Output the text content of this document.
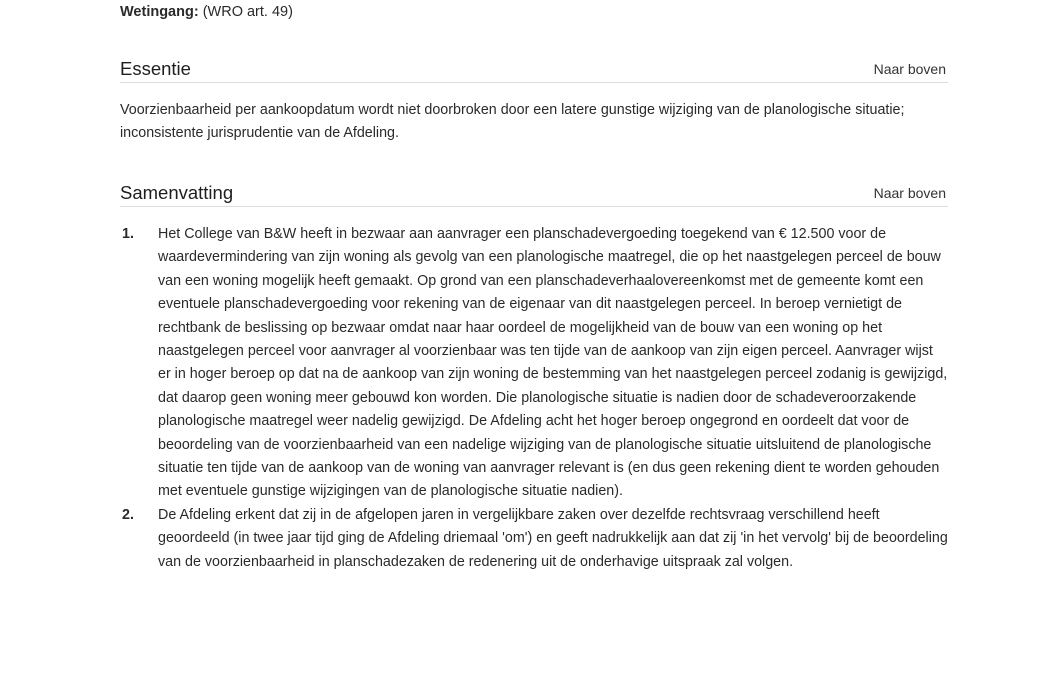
Wetingang: (WRO art. 49)
Essentie	Naar boven

Voorzienbaarheid per aankoopdatum wordt niet doorbroken door een latere gunstige wijziging van de planologische situatie; inconsistente jurisprudentie van de Afdeling.

Samenvatting	Naar boven
1. Het College van B&W heeft in bezwaar aan aanvrager een planschadevergoeding toegekend van € 12.500 voor de waardevermindering van zijn woning als gevolg van een planologische maatregel, die op het naastgelegen perceel de bouw van een woning mogelijk heeft gemaakt. Op grond van een planschadeverhaalovereenkomst met de gemeente komt een eventuele planschadevergoeding voor rekening van de eigenaar van dit naastgelegen perceel. In beroep vernietigt de rechtbank de beslissing op bezwaar omdat naar haar oordeel de mogelijkheid van de bouw van een woning op het naastgelegen perceel voor aanvrager al voorzienbaar was ten tijde van de aankoop van zijn eigen perceel. Aanvrager wijst er in hoger beroep op dat na de aankoop van zijn woning de bestemming van het naastgelegen perceel zodanig is gewijzigd, dat daarop geen woning meer gebouwd kon worden. Die planologische situatie is nadien door de schadeveroorzakende planologische maatregel weer nadelig gewijzigd. De Afdeling acht het hoger beroep ongegrond en oordeelt dat voor de beoordeling van de voorzienbaarheid van een nadelige wijziging van de planologische situatie uitsluitend de planologische situatie ten tijde van de aankoop van de woning van aanvrager relevant is (en dus geen rekening dient te worden gehouden met eventuele gunstige wijzigingen van de planologische situatie nadien).
2. De Afdeling erkent dat zij in de afgelopen jaren in vergelijkbare zaken over dezelfde rechtsvraag verschillend heeft geoordeeld (in twee jaar tijd ging de Afdeling driemaal 'om') en geeft nadrukkelijk aan dat zij 'in het vervolg' bij de beoordeling van de voorzienbaarheid in planschadezaken de redenering uit de onderhavige uitspraak zal volgen.
